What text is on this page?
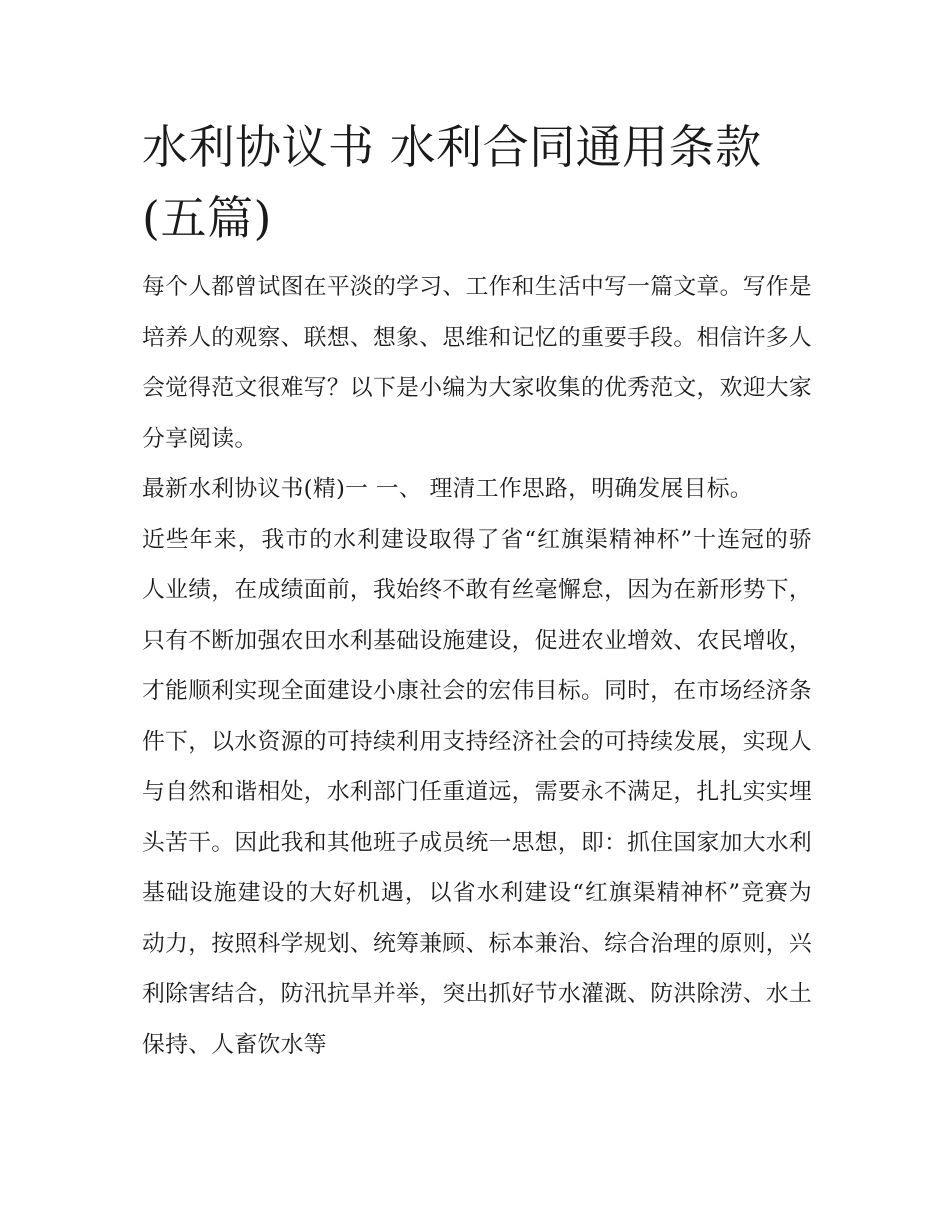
水利协议书 水利合同通用条款(五篇)

每个人都曾试图在平淡的学习、工作和生活中写一篇文章。写作是培养人的观察、联想、想象、思维和记忆的重要手段。相信许多人会觉得范文很难写？以下是小编为大家收集的优秀范文，欢迎大家分享阅读。

最新水利协议书(精)一 一、 理清工作思路，明确发展目标。

近些年来，我市的水利建设取得了省“红旗渠精神杯”十连冠的骄人业绩，在成绩面前，我始终不敢有丝毫懈怠，因为在新形势下，只有不断加强农田水利基础设施建设，促进农业增效、农民增收，才能顺利实现全面建设小康社会的宏伟目标。同时，在市场经济条件下，以水资源的可持续利用支持经济社会的可持续发展，实现人与自然和谐相处，水利部门任重道远，需要永不满足，扎扎实实埋头苦干。因此我和其他班子成员统一思想，即：抓住国家加大水利基础设施建设的大好机遇，以省水利建设“红旗渠精神杯”竞赛为动力，按照科学规划、统筹兼顾、标本兼治、综合治理的原则，兴利除害结合，防汛抗旱并举，突出抓好节水灌溉、防洪除涝、水土保持、人畜饮水等
